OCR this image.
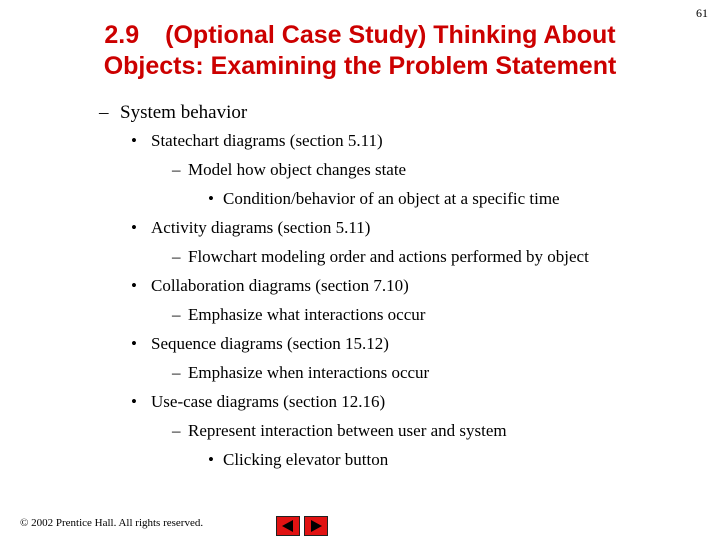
61
2.9 (Optional Case Study) Thinking About
Objects: Examining the Problem Statement
– System behavior
• Statechart diagrams (section 5.11)
– Model how object changes state
• Condition/behavior of an object at a specific time
• Activity diagrams (section 5.11)
– Flowchart modeling order and actions performed by object
• Collaboration diagrams (section 7.10)
– Emphasize what interactions occur
• Sequence diagrams (section 15.12)
– Emphasize when interactions occur
• Use-case diagrams (section 12.16)
– Represent interaction between user and system
• Clicking elevator button
© 2002 Prentice Hall. All rights reserved.
